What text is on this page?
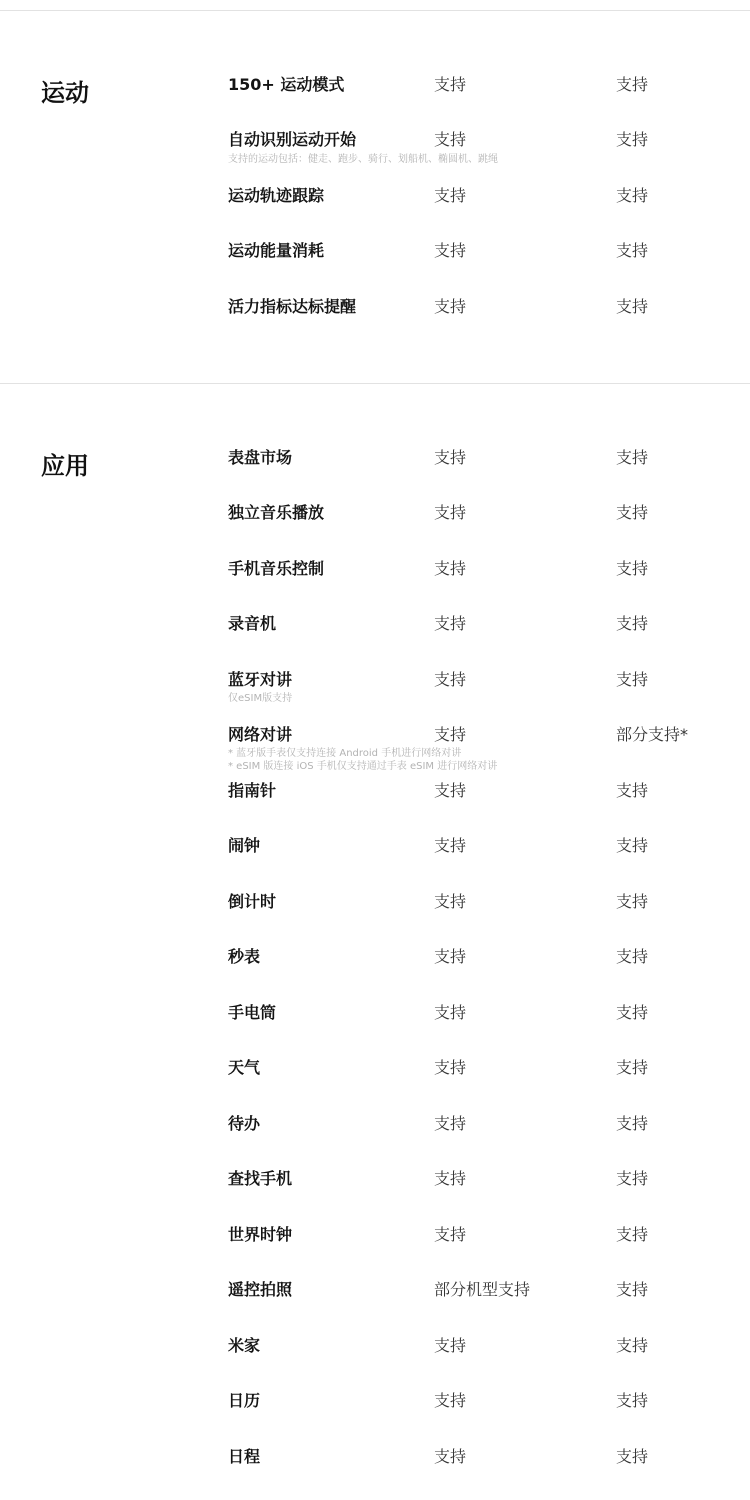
运动	150+ 运动模式	支持	支持
自动识别运动开始	支持	支持
支持的运动包括：健走、跑步、骑行、划船机、椭圆机、跳绳
运动轨迹跟踪	支持	支持
运动能量消耗	支持	支持
活力指标达标提醒	支持	支持
应用	表盘市场	支持	支持
独立音乐播放	支持	支持
手机音乐控制	支持	支持
录音机	支持	支持
蓝牙对讲	支持	支持
仅eSIM版支持
网络对讲	支持	部分支持*
* 蓝牙版手表仅支持连接 Android 手机进行网络对讲
* eSIM 版连接 iOS 手机仅支持通过手表 eSIM 进行网络对讲
指南针	支持	支持
闹钟	支持	支持
倒计时	支持	支持
秒表	支持	支持
手电筒	支持	支持
天气	支持	支持
待办	支持	支持
查找手机	支持	支持
世界时钟	支持	支持
遥控拍照	部分机型支持	支持
米家	支持	支持
日历	支持	支持
日程	支持	支持
